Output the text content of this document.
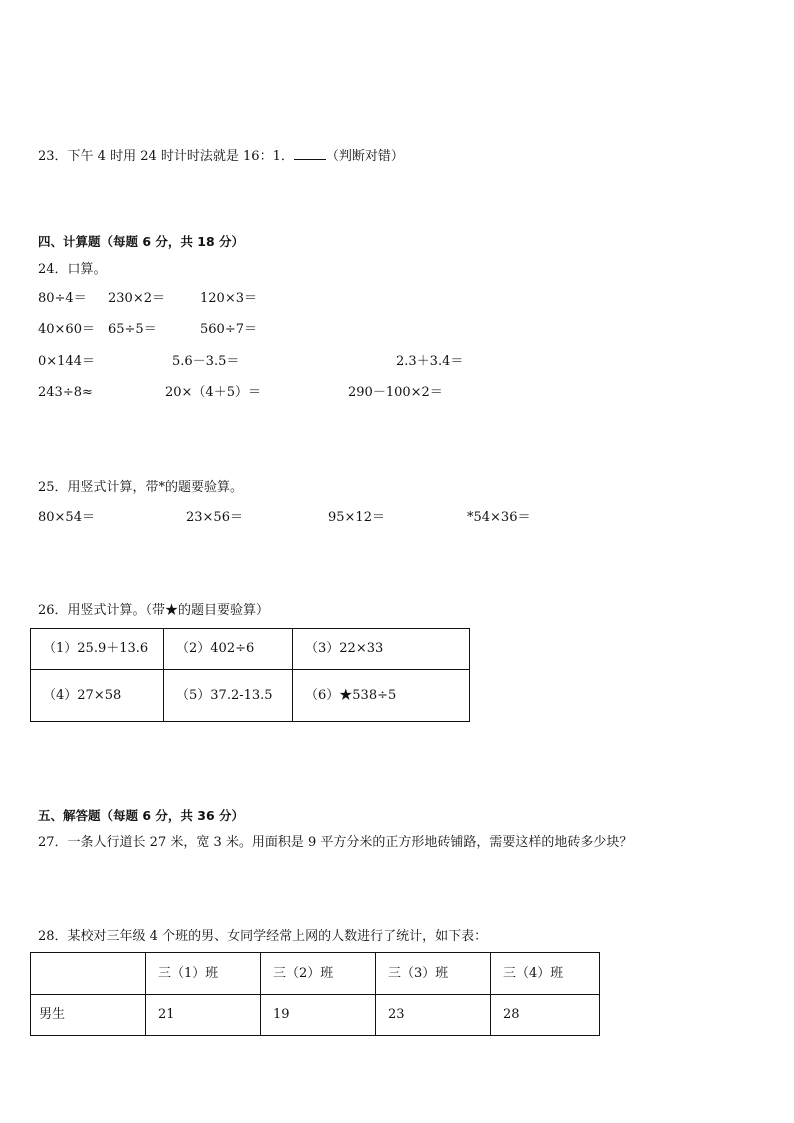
23．下午 4 时用 24 时计时法就是 16：1． （判断对错）
四、计算题（每题 6 分，共 18 分）
24．口算。
80÷4＝ 230×2＝	120×3＝
40×60＝ 65÷5＝	560÷7＝
0×144＝	5.6－3.5＝	2.3＋3.4＝
243÷8≈	20×（4＋5）＝	290－100×2＝
25．用竖式计算，带*的题要验算。
80×54＝	23×56＝	95×12＝	*54×36＝
26．用竖式计算。（带★的题目要验算）
（1）25.9＋13.6	（2）402÷6	（3）22×33
（4）27×58	（5）37.2-13.5	（6）★538÷5
五、解答题（每题 6 分，共 36 分）
27．一条人行道长 27 米，宽 3 米。用面积是 9 平方分米的正方形地砖铺路，需要这样的地砖多少块？
28．某校对三年级 4 个班的男、女同学经常上网的人数进行了统计，如下表：
	三（1）班	三（2）班	三（3）班	三（4）班
男生	21	19	23	28
